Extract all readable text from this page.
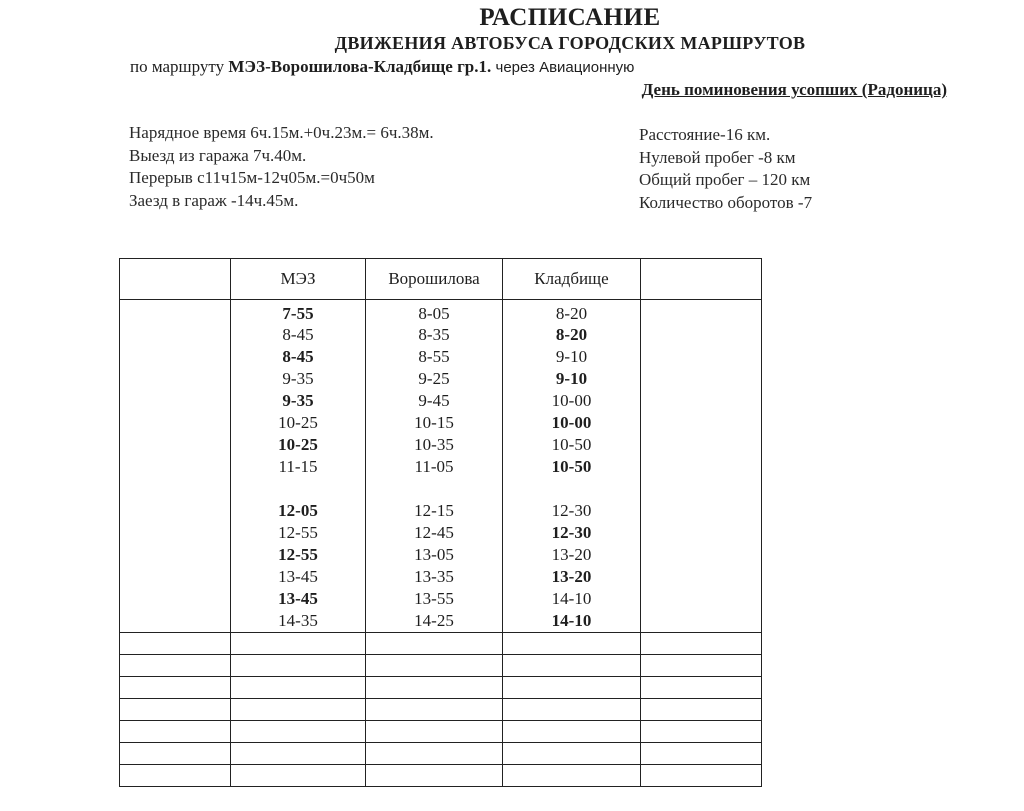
РАСПИСАНИЕ
ДВИЖЕНИЯ АВТОБУСА ГОРОДСКИХ МАРШРУТОВ
по маршруту МЭЗ-Ворошилова-Кладбище гр.1. через Авиационную
День поминовения усопших (Радоница)
Нарядное время 6ч.15м.+0ч.23м.= 6ч.38м.
Выезд из гаража 7ч.40м.
Перерыв с11ч15м-12ч05м.=0ч50м
Заезд в гараж -14ч.45м.
Расстояние-16 км.
Нулевой пробег -8 км
Общий пробег – 120 км
Количество оборотов -7
	МЭЗ	Ворошилова	Кладбище	
	7-55	8-05	8-20	
	8-45	8-35	8-20	
	8-45	8-55	9-10	
	9-35	9-25	9-10	
	9-35	9-45	10-00	
	10-25	10-15	10-00	
	10-25	10-35	10-50	
	11-15	11-05	10-50	

	12-05	12-15	12-30	
	12-55	12-45	12-30	
	12-55	13-05	13-20	
	13-45	13-35	13-20	
	13-45	13-55	14-10	
	14-35	14-25	14-10	
